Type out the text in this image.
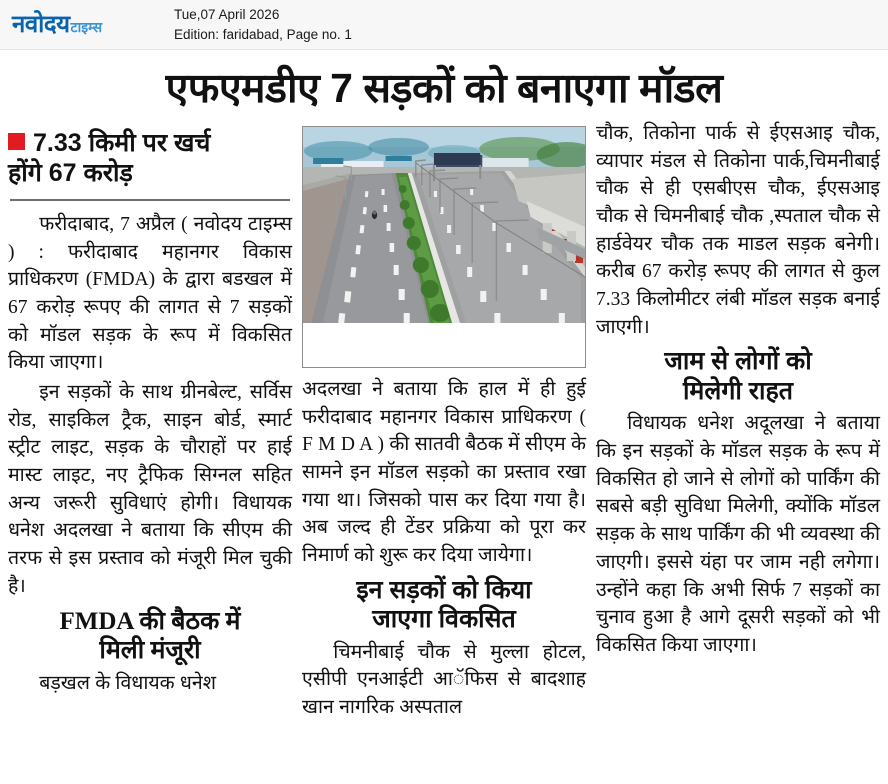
नवोदय टाइम्स
Tue,07 April 2026
Edition: faridabad, Page no. 1
एफएमडीए 7 सड़कों को बनाएगा मॉडल
7.33 किमी पर खर्च
होंगे 67 करोड़

फरीदाबाद, 7 अप्रैल ( नवोदय टाइम्स ) : फरीदाबाद महानगर विकास प्राधिकरण (FMDA) के द्वारा बडखल में 67 करोड़ रूपए की लागत से 7 सड़कों को मॉडल सड़क के रूप में विकसित किया जाएगा।

इन सड़कों के साथ ग्रीनबेल्ट, सर्विस रोड, साइकिल ट्रैक, साइन बोर्ड, स्मार्ट स्ट्रीट लाइट, सड़क के चौराहों पर हाई मास्ट लाइट, नए ट्रैफिक सिग्नल सहित अन्य जरूरी सुविधाएं होगी। विधायक धनेश अदलखा ने बताया कि सीएम की तरफ से इस प्रस्ताव को मंजूरी मिल चुकी है।

FMDA की बैठक में
मिली मंजूरी

बड़खल के विधायक धनेश

अदलखा ने बताया कि हाल में ही हुई फरीदाबाद महानगर विकास प्राधिकरण ( F M D A ) की सातवी बैठक में सीएम के सामने इन मॉडल सड़को का प्रस्ताव रखा गया था। जिसको पास कर दिया गया है। अब जल्द ही टेंडर प्रक्रिया को पूरा कर निमार्ण को शुरू कर दिया जायेगा।

इन सड़कों को किया
जाएगा विकसित

चिमनीबाई चौक से मुल्ला होटल, एसीपी एनआईटी आॅफिस से बादशाह खान नागरिक अस्पताल

चौक, तिकोना पार्क से ईएसआइ चौक, व्यापार मंडल से तिकोना पार्क,चिमनीबाई चौक से ही एसबीएस चौक, ईएसआइ चौक से चिमनीबाई चौक ,स्पताल चौक से हार्डवेयर चौक तक माडल सड़क बनेगी। करीब 67 करोड़ रूपए की लागत से कुल 7.33 किलोमीटर लंबी मॉडल सड़क बनाई जाएगी।

जाम से लोगों को
मिलेगी राहत

विधायक धनेश अदूलखा ने बताया कि इन सड़कों के मॉडल सड़क के रूप में विकसित हो जाने से लोगों को पार्किंग की सबसे बड़ी सुविधा मिलेगी, क्योंकि मॉडल सड़क के साथ पार्किंग की भी व्यवस्था की जाएगी। इससे यंहा पर जाम नही लगेगा। उन्होंने कहा कि अभी सिर्फ 7 सड़कों का चुनाव हुआ है आगे दूसरी सड़कों को भी विकसित किया जाएगा।
